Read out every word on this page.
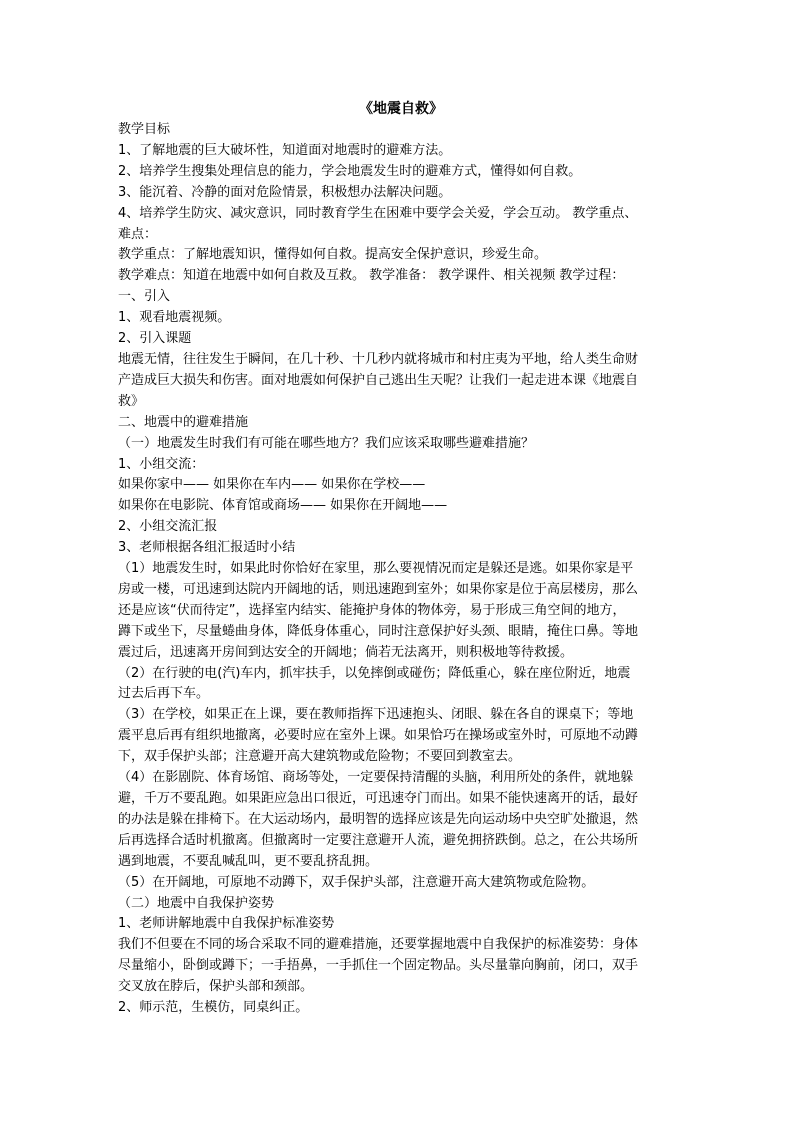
《地震自救》
教学目标
1、了解地震的巨大破坏性，知道面对地震时的避难方法。
2、培养学生搜集处理信息的能力，学会地震发生时的避难方式，懂得如何自救。
3、能沉着、冷静的面对危险情景，积极想办法解决问题。
4、培养学生防灾、减灾意识，同时教育学生在困难中要学会关爱，学会互动。 教学重点、
难点：
教学重点：了解地震知识，懂得如何自救。提高安全保护意识，珍爱生命。
教学难点：知道在地震中如何自救及互救。 教学准备： 教学课件、相关视频 教学过程：
一、引入
1、观看地震视频。
2、引入课题
地震无情，往往发生于瞬间，在几十秒、十几秒内就将城市和村庄夷为平地，给人类生命财
产造成巨大损失和伤害。面对地震如何保护自己逃出生天呢？让我们一起走进本课《地震自
救》
二、地震中的避难措施
（一）地震发生时我们有可能在哪些地方？我们应该采取哪些避难措施？
1、小组交流：
如果你家中—— 如果你在车内—— 如果你在学校——
如果你在电影院、体育馆或商场—— 如果你在开阔地——
2、小组交流汇报
3、老师根据各组汇报适时小结
（1）地震发生时，如果此时你恰好在家里，那么要视情况而定是躲还是逃。如果你家是平
房或一楼，可迅速到达院内开阔地的话，则迅速跑到室外；如果你家是位于高层楼房，那么
还是应该“伏而待定”，选择室内结实、能掩护身体的物体旁，易于形成三角空间的地方，
蹲下或坐下，尽量蜷曲身体，降低身体重心，同时注意保护好头颈、眼睛，掩住口鼻。等地
震过后，迅速离开房间到达安全的开阔地；倘若无法离开，则积极地等待救援。
（2）在行驶的电(汽)车内，抓牢扶手，以免摔倒或碰伤；降低重心，躲在座位附近，地震
过去后再下车。
（3）在学校，如果正在上课，要在教师指挥下迅速抱头、闭眼、躲在各自的课桌下；等地
震平息后再有组织地撤离，必要时应在室外上课。如果恰巧在操场或室外时，可原地不动蹲
下，双手保护头部；注意避开高大建筑物或危险物；不要回到教室去。
（4）在影剧院、体育场馆、商场等处，一定要保持清醒的头脑，利用所处的条件，就地躲
避，千万不要乱跑。如果距应急出口很近，可迅速夺门而出。如果不能快速离开的话，最好
的办法是躲在排椅下。在大运动场内，最明智的选择应该是先向运动场中央空旷处撤退，然
后再选择合适时机撤离。但撤离时一定要注意避开人流，避免拥挤跌倒。总之，在公共场所
遇到地震，不要乱喊乱叫，更不要乱挤乱拥。
（5）在开阔地，可原地不动蹲下，双手保护头部，注意避开高大建筑物或危险物。
（二）地震中自我保护姿势
1、老师讲解地震中自我保护标准姿势
我们不但要在不同的场合采取不同的避难措施，还要掌握地震中自我保护的标准姿势：身体
尽量缩小，卧倒或蹲下；一手捂鼻，一手抓住一个固定物品。头尽量靠向胸前，闭口，双手
交叉放在脖后，保护头部和颈部。
2、师示范，生模仿，同桌纠正。
